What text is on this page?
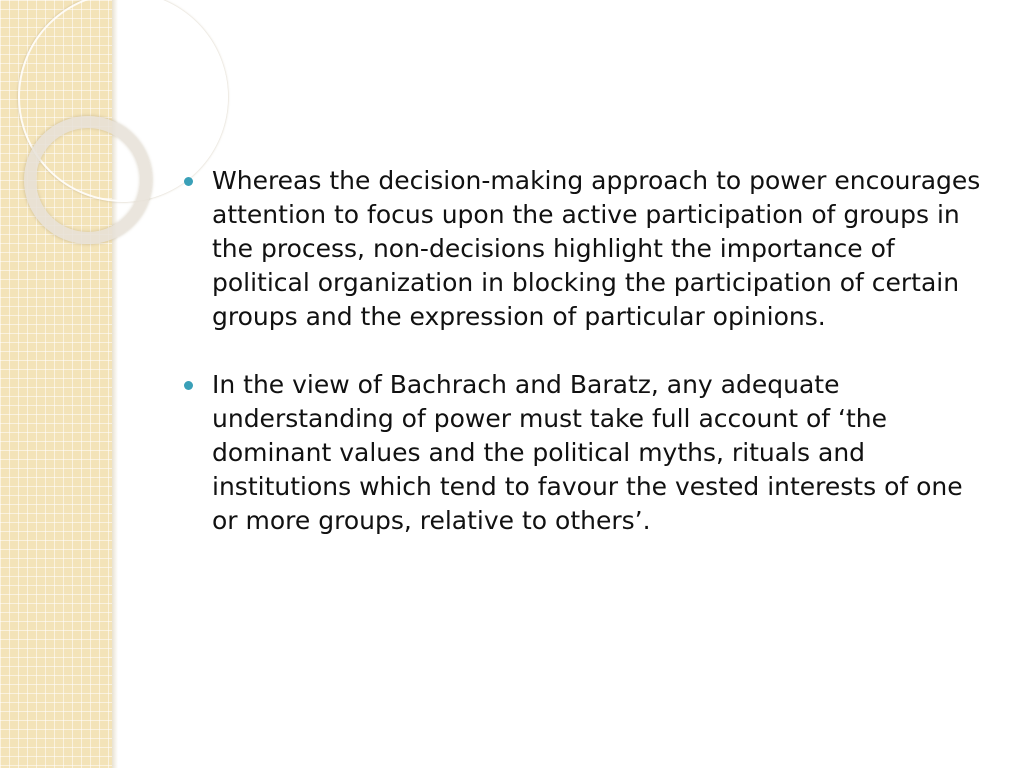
Whereas the decision-making approach to power encourages attention to focus upon the active participation of groups in the process, non-decisions highlight the importance of political organization in blocking the participation of certain groups and the expression of particular opinions.
In the view of Bachrach and Baratz, any adequate understanding of power must take full account of ‘the dominant values and the political myths, rituals and institutions which tend to favour the vested interests of one or more groups, relative to others’.
